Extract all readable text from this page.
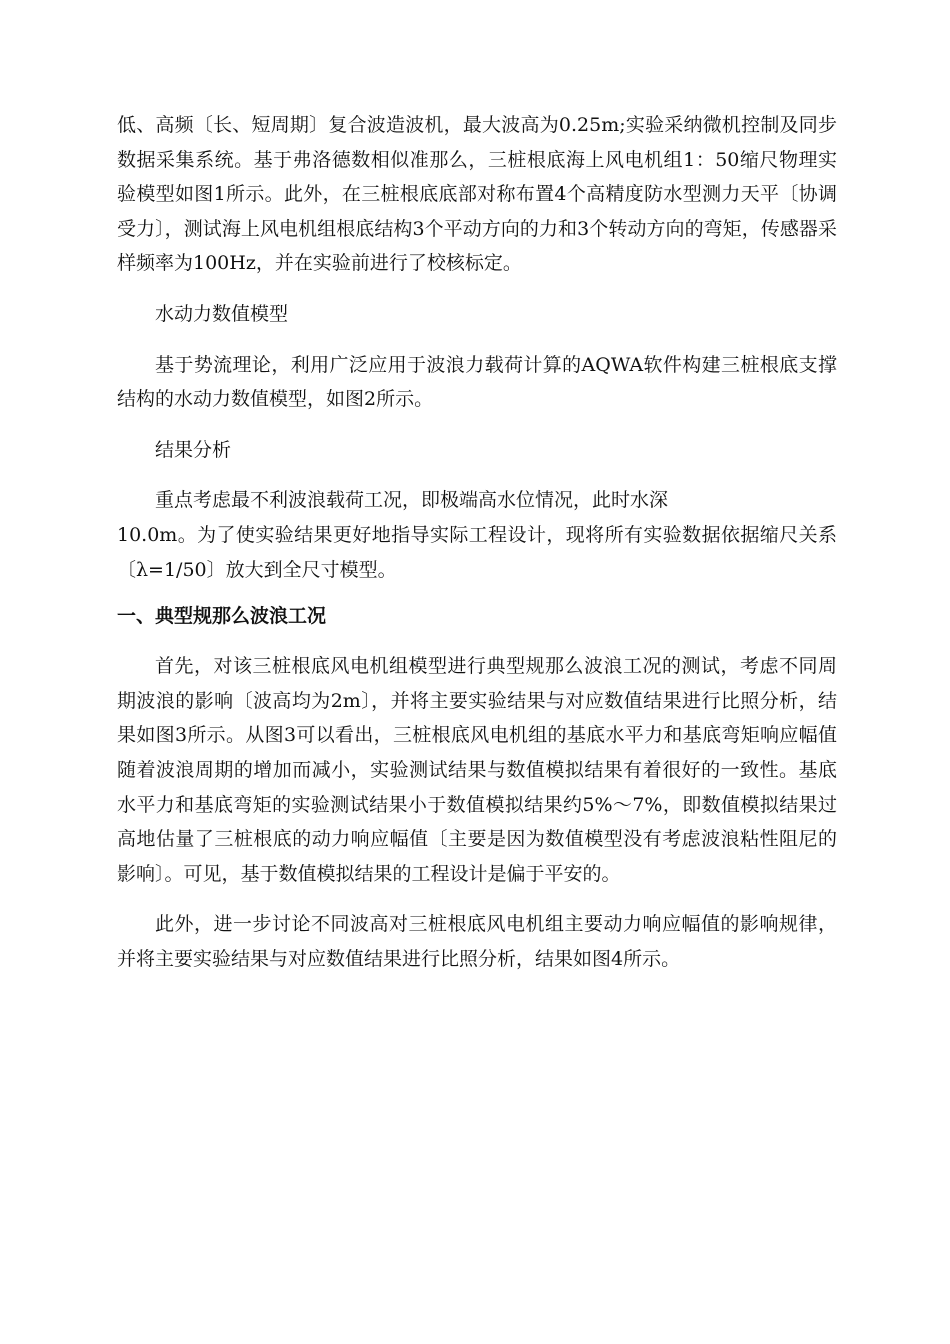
低、高频〔长、短周期〕复合波造波机，最大波高为0.25m;实验采纳微机控制及同步数据采集系统。基于弗洛德数相似准那么，三桩根底海上风电机组1：50缩尺物理实验模型如图1所示。此外，在三桩根底底部对称布置4个高精度防水型测力天平〔协调受力〕，测试海上风电机组根底结构3个平动方向的力和3个转动方向的弯矩，传感器采样频率为100Hz，并在实验前进行了校核标定。

水动力数值模型

基于势流理论，利用广泛应用于波浪力载荷计算的AQWA软件构建三桩根底支撑结构的水动力数值模型，如图2所示。

结果分析

重点考虑最不利波浪载荷工况，即极端高水位情况，此时水深

10.0m。为了使实验结果更好地指导实际工程设计，现将所有实验数据依据缩尺关系〔λ=1/50〕放大到全尺寸模型。

一、典型规那么波浪工况

首先，对该三桩根底风电机组模型进行典型规那么波浪工况的测试，考虑不同周期波浪的影响〔波高均为2m〕，并将主要实验结果与对应数值结果进行比照分析，结果如图3所示。从图3可以看出，三桩根底风电机组的基底水平力和基底弯矩响应幅值随着波浪周期的增加而减小，实验测试结果与数值模拟结果有着很好的一致性。基底水平力和基底弯矩的实验测试结果小于数值模拟结果约5%～7%，即数值模拟结果过高地估量了三桩根底的动力响应幅值〔主要是因为数值模型没有考虑波浪粘性阻尼的影响〕。可见，基于数值模拟结果的工程设计是偏于平安的。

此外，进一步讨论不同波高对三桩根底风电机组主要动力响应幅值的影响规律，并将主要实验结果与对应数值结果进行比照分析，结果如图4所示。
